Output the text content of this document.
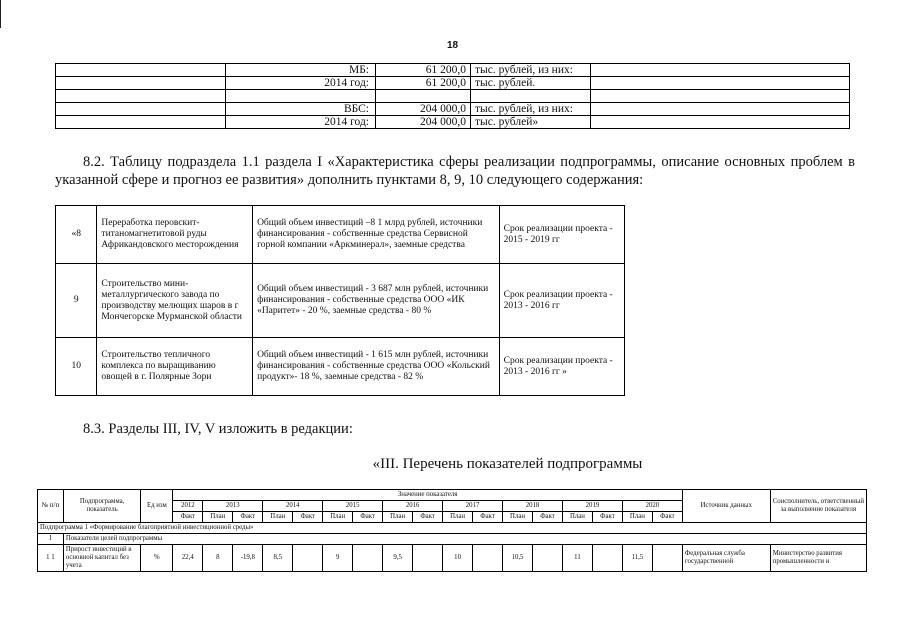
18
	МБ:	61 200,0	тыс. рублей, из них:	
	2014 год:	61 200,0	тыс. рублей.	

	ВБС:	204 000,0	тыс. рублей, из них:	
	2014 год:	204 000,0	тыс. рублей»	

8.2. Таблицу подраздела 1.1 раздела I «Характеристика сферы реализации подпрограммы, описание основных проблем в указанной сфере и прогноз ее развития» дополнить пунктами 8, 9, 10 следующего содержания:

«8	Переработка перовскит-титаномагнетитовой руды Африкандовского месторождения	Общий объем инвестиций –8 1 млрд рублей, источники финансирования - собственные средства Сервисной горной компании «Аркминерал», заемные средства	Срок реализации проекта - 2015 - 2019 гг
9	Строительство мини-металлургического завода по производству мелющих шаров в г Мончегорске Мурманской области	Общий объем инвестиций - 3 687 млн рублей, источники финансирования - собственные средства ООО «ИК «Паритет» - 20 %, заемные средства - 80 %	Срок реализации проекта - 2013 - 2016 гг
10	Строительство тепличного комплекса по выращиванию овощей в г. Полярные Зори	Общий объем инвестиций - 1 615 млн рублей, источники финансирования - собственные средства ООО «Кольский продукт»- 18 %, заемные средства - 82 %	Срок реализации проекта - 2013 - 2016 гг »

8.3. Разделы III, IV, V изложить в редакции:

«III. Перечень показателей подпрограммы
№ п/п	Подпрограмма, показатель	Ед изм	Значение показателя																	Источник данных	Соисполнитель, ответственный за выполнение показателя
			2012	2013		2014		2015		2016		2017		2018		2019		2020			
			Факт	План	Факт	План	Факт	План	Факт	План	Факт	План	Факт	План	Факт	План	Факт	План	Факт		
Подпрограмма 1 «Формирование благоприятной инвестиционной среды»																					
I	Показатели целей подпрограммы																				
1 1	Прирост инвестиций в основной капитал без учета	%	22,4	8	-19,8	8,5		9		9,5		10		10,5		11		11,5		Федеральная служба государственной	Министерство развития промышленности и
